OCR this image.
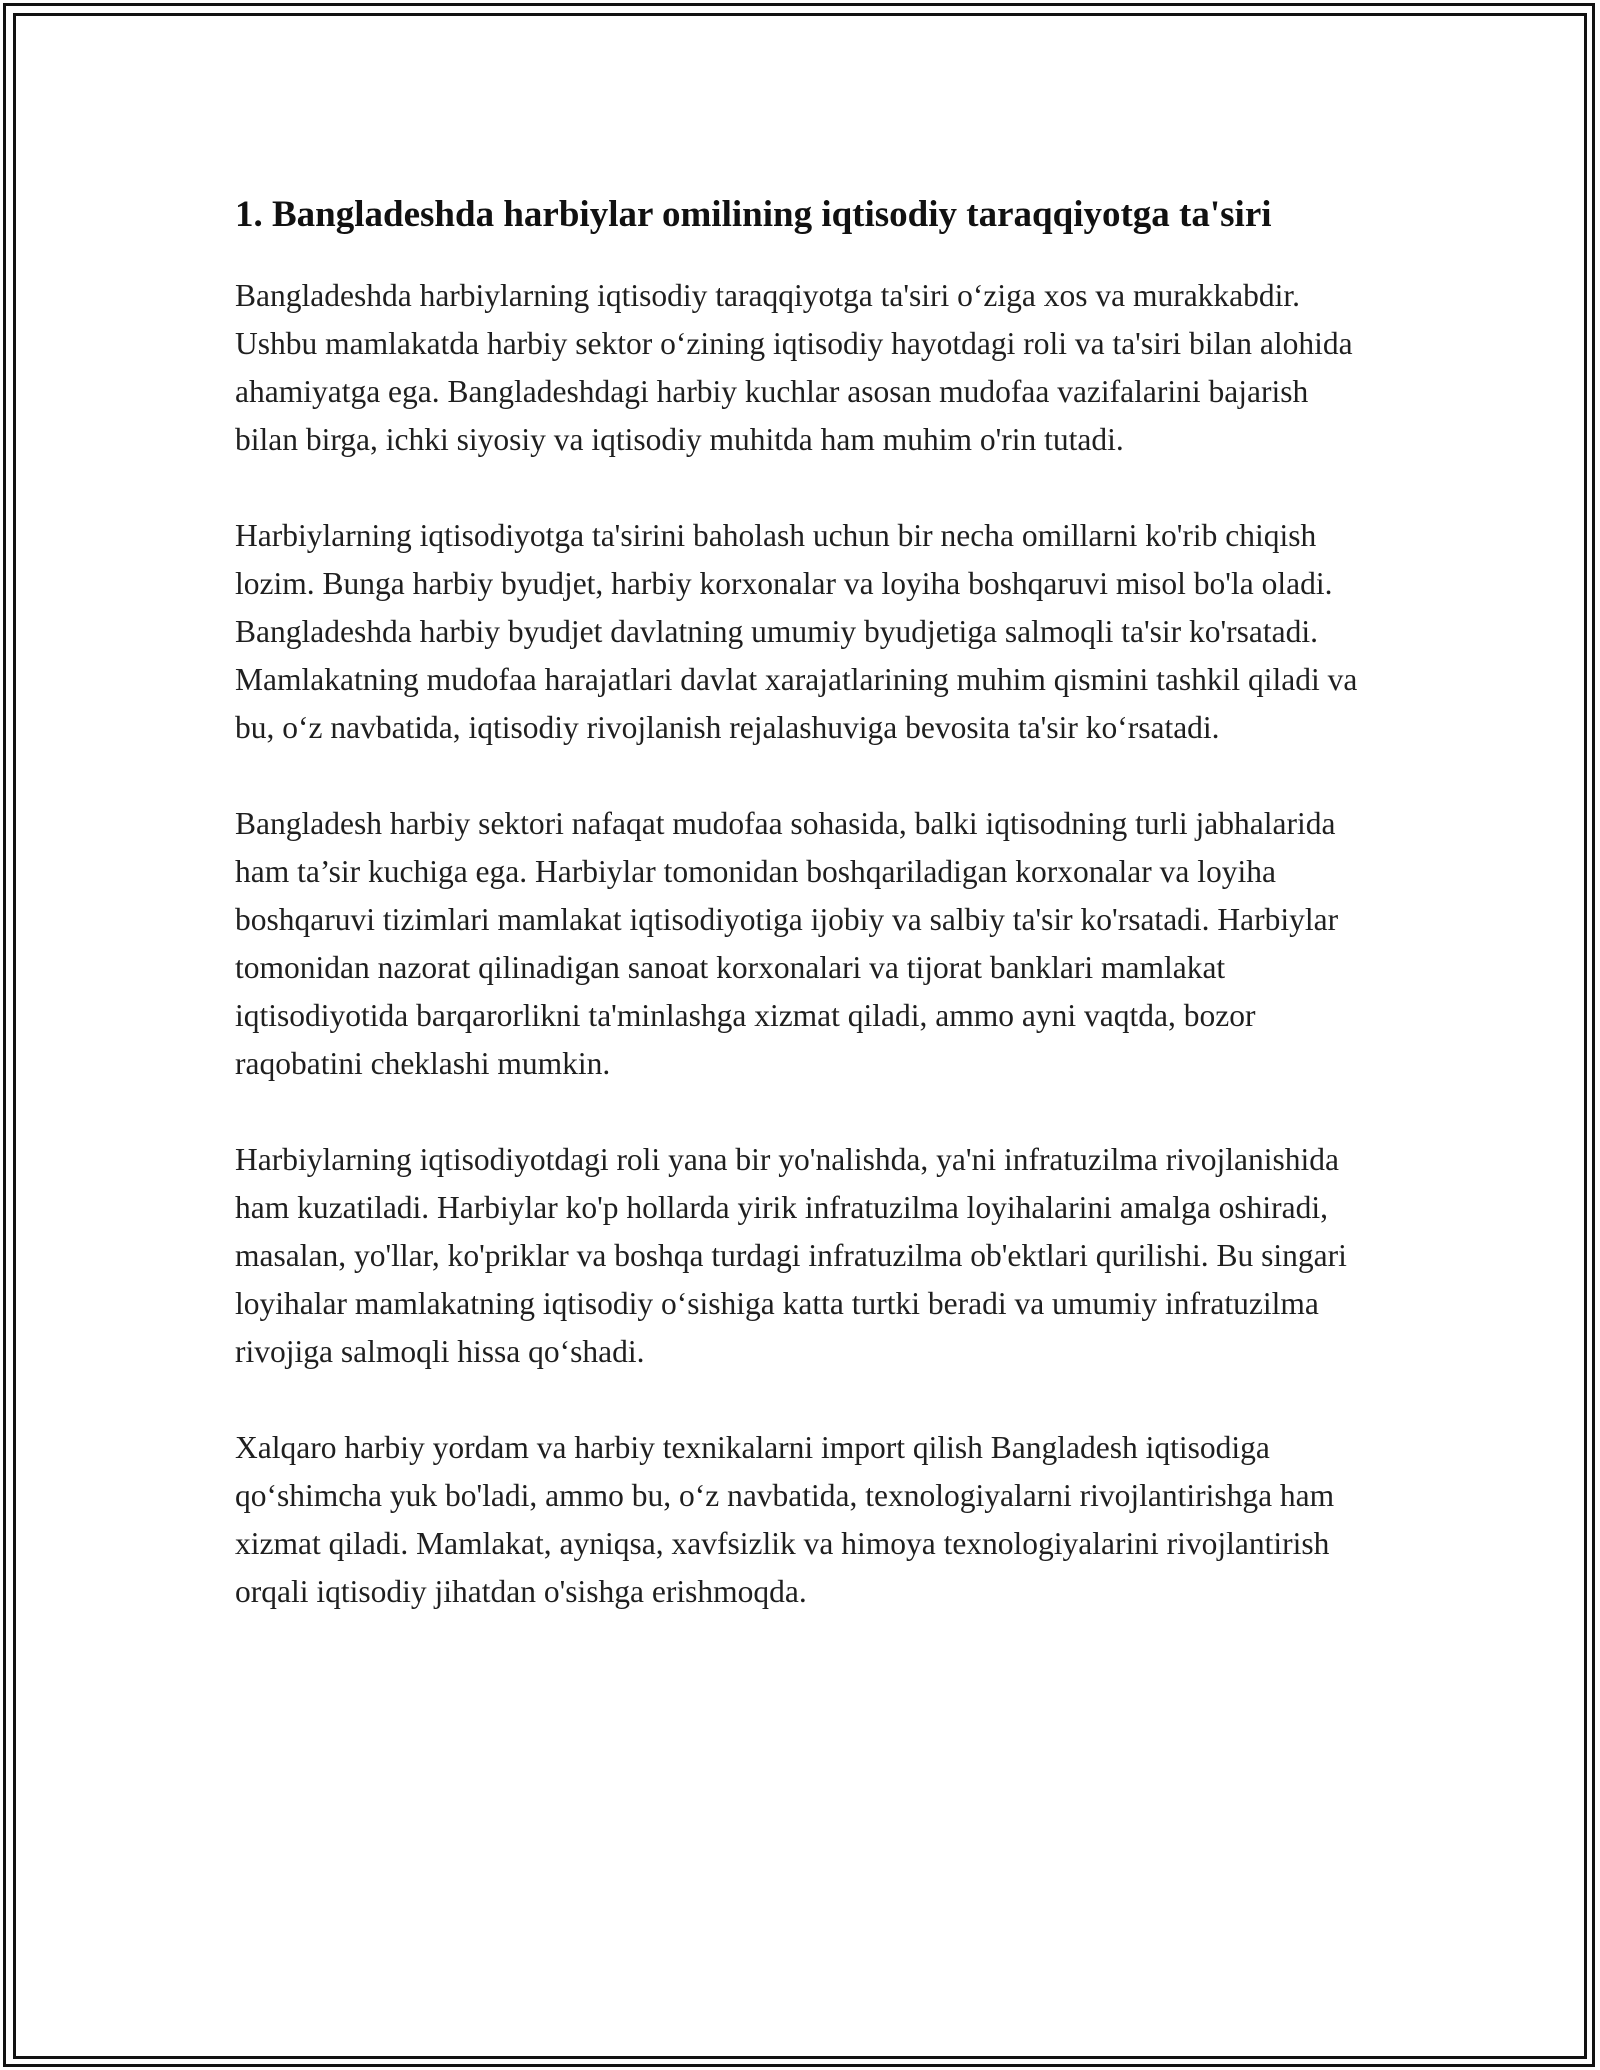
1. Bangladeshda harbiylar omilining iqtisodiy taraqqiyotga ta'siri

Bangladeshda harbiylarning iqtisodiy taraqqiyotga ta'siri o‘ziga xos va murakkabdir. Ushbu mamlakatda harbiy sektor o‘zining iqtisodiy hayotdagi roli va ta'siri bilan alohida ahamiyatga ega. Bangladeshdagi harbiy kuchlar asosan mudofaa vazifalarini bajarish bilan birga, ichki siyosiy va iqtisodiy muhitda ham muhim o'rin tutadi.

Harbiylarning iqtisodiyotga ta'sirini baholash uchun bir necha omillarni ko'rib chiqish lozim. Bunga harbiy byudjet, harbiy korxonalar va loyiha boshqaruvi misol bo'la oladi. Bangladeshda harbiy byudjet davlatning umumiy byudjetiga salmoqli ta'sir ko'rsatadi. Mamlakatning mudofaa harajatlari davlat xarajatlarining muhim qismini tashkil qiladi va bu, o‘z navbatida, iqtisodiy rivojlanish rejalashuviga bevosita ta'sir ko‘rsatadi.

Bangladesh harbiy sektori nafaqat mudofaa sohasida, balki iqtisodning turli jabhalarida ham ta’sir kuchiga ega. Harbiylar tomonidan boshqariladigan korxonalar va loyiha boshqaruvi tizimlari mamlakat iqtisodiyotiga ijobiy va salbiy ta'sir ko'rsatadi. Harbiylar tomonidan nazorat qilinadigan sanoat korxonalari va tijorat banklari mamlakat iqtisodiyotida barqarorlikni ta'minlashga xizmat qiladi, ammo ayni vaqtda, bozor raqobatini cheklashi mumkin.

Harbiylarning iqtisodiyotdagi roli yana bir yo'nalishda, ya'ni infratuzilma rivojlanishida ham kuzatiladi. Harbiylar ko'p hollarda yirik infratuzilma loyihalarini amalga oshiradi, masalan, yo'llar, ko'priklar va boshqa turdagi infratuzilma ob'ektlari qurilishi. Bu singari loyihalar mamlakatning iqtisodiy o‘sishiga katta turtki beradi va umumiy infratuzilma rivojiga salmoqli hissa qo‘shadi.

Xalqaro harbiy yordam va harbiy texnikalarni import qilish Bangladesh iqtisodiga qo‘shimcha yuk bo'ladi, ammo bu, o‘z navbatida, texnologiyalarni rivojlantirishga ham xizmat qiladi. Mamlakat, ayniqsa, xavfsizlik va himoya texnologiyalarini rivojlantirish orqali iqtisodiy jihatdan o'sishga erishmoqda.
